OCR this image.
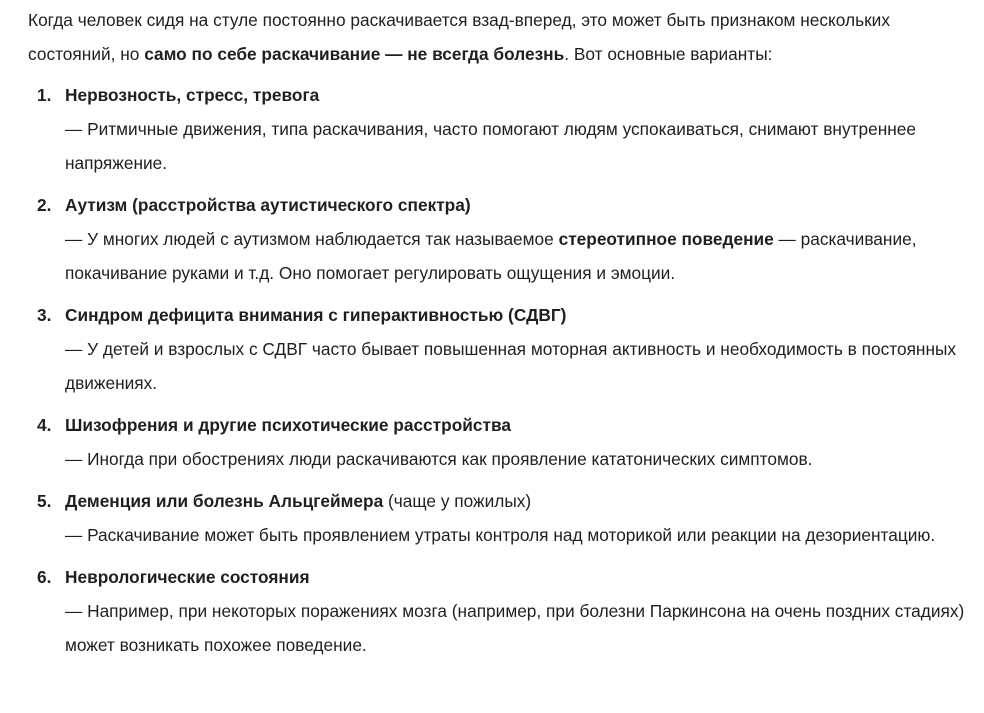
Когда человек сидя на стуле постоянно раскачивается взад-вперед, это может быть признаком нескольких состояний, но само по себе раскачивание — не всегда болезнь. Вот основные варианты:

1. Нервозность, стресс, тревога
— Ритмичные движения, типа раскачивания, часто помогают людям успокаиваться, снимают внутреннее напряжение.
2. Аутизм (расстройства аутистического спектра)
— У многих людей с аутизмом наблюдается так называемое стереотипное поведение — раскачивание, покачивание руками и т.д. Оно помогает регулировать ощущения и эмоции.
3. Синдром дефицита внимания с гиперактивностью (СДВГ)
— У детей и взрослых с СДВГ часто бывает повышенная моторная активность и необходимость в постоянных движениях.
4. Шизофрения и другие психотические расстройства
— Иногда при обострениях люди раскачиваются как проявление кататонических симптомов.
5. Деменция или болезнь Альцгеймера (чаще у пожилых)
— Раскачивание может быть проявлением утраты контроля над моторикой или реакции на дезориентацию.
6. Неврологические состояния
— Например, при некоторых поражениях мозга (например, при болезни Паркинсона на очень поздних стадиях) может возникать похожее поведение.
